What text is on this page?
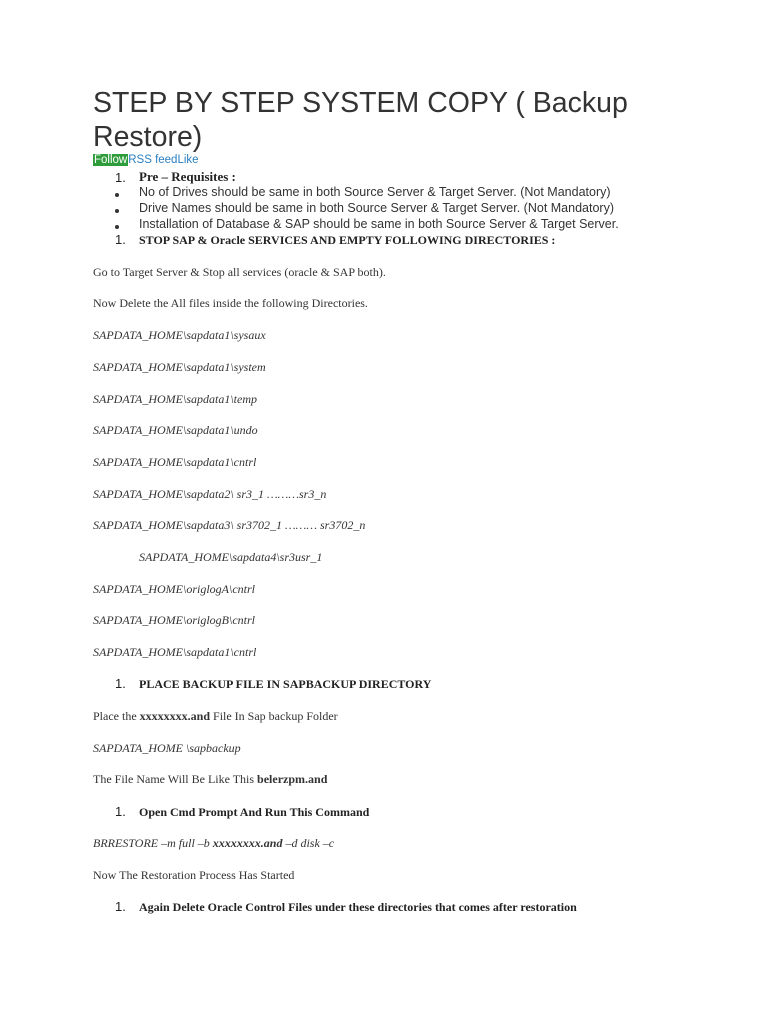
STEP BY STEP SYSTEM COPY ( Backup Restore)
FollowRSS feedLike
1. Pre – Requisites :
No of Drives should be same in both Source Server & Target Server. (Not Mandatory)
Drive Names should be same in both Source Server & Target Server. (Not Mandatory)
Installation of Database & SAP should be same in both Source Server & Target Server.
1. STOP SAP & Oracle SERVICES AND EMPTY FOLLOWING DIRECTORIES :
Go to Target Server & Stop all services (oracle & SAP both).
Now Delete the All files inside the following Directories.
SAPDATA_HOME\sapdata1\sysaux
SAPDATA_HOME\sapdata1\system
SAPDATA_HOME\sapdata1\temp
SAPDATA_HOME\sapdata1\undo
SAPDATA_HOME\sapdata1\cntrl
SAPDATA_HOME\sapdata2\ sr3_1 ………sr3_n
SAPDATA_HOME\sapdata3\ sr3702_1 ……… sr3702_n
SAPDATA_HOME\sapdata4\sr3usr_1
SAPDATA_HOME\origlogA\cntrl
SAPDATA_HOME\origlogB\cntrl
SAPDATA_HOME\sapdata1\cntrl
1. PLACE BACKUP FILE IN SAPBACKUP DIRECTORY
Place the xxxxxxxx.and File In Sap backup Folder
SAPDATA_HOME \sapbackup
The File Name Will Be Like This belerzpm.and
1. Open Cmd Prompt And Run This Command
BRRESTORE –m full –b xxxxxxxx.and –d disk –c
Now The Restoration Process Has Started
1. Again Delete Oracle Control Files under these directories that comes after restoration
